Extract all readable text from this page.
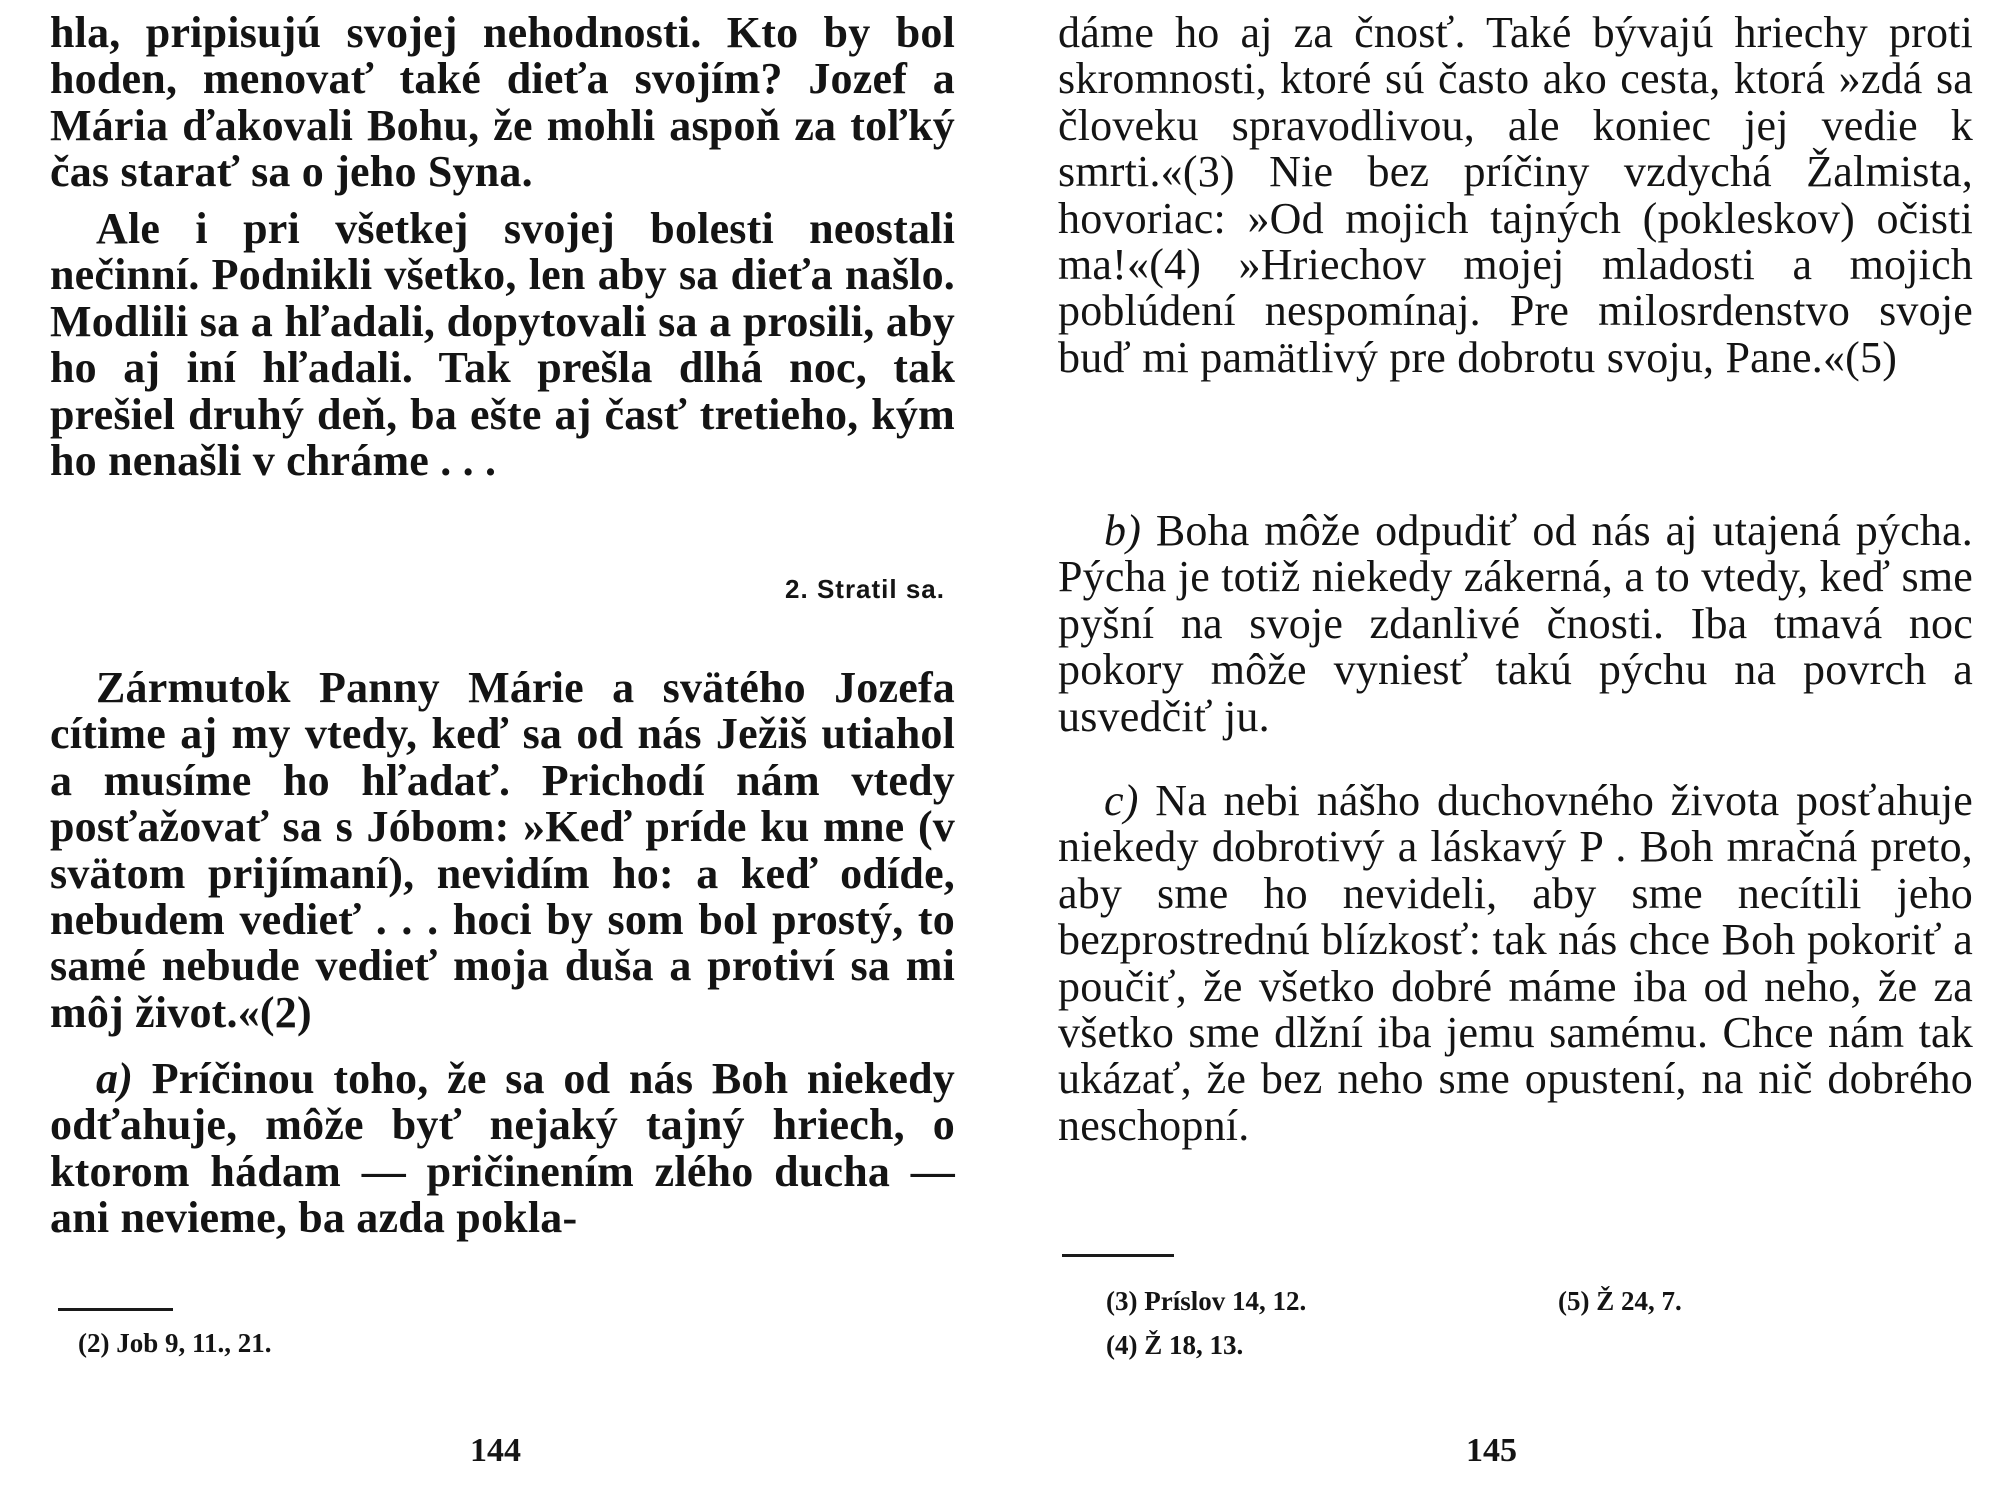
hla, pripisujú svojej nehodnosti. Kto by bol hoden, menovať také dieťa svojím? Jozef a Mária ďakovali Bohu, že mohli aspoň za toľký čas starať sa o jeho Syna.

Ale i pri všetkej svojej bolesti neostali nečinní. Podnikli všetko, len aby sa dieťa našlo. Modlili sa a hľadali, dopytovali sa a prosili, aby ho aj iní hľadali. Tak prešla dlhá noc, tak prešiel druhý deň, ba ešte aj časť tretieho, kým ho nenašli v chráme . . .

2. Stratil sa.

Zármutok Panny Márie a svätého Jozefa cítime aj my vtedy, keď sa od nás Ježiš utiahol a musíme ho hľadať. Prichodí nám vtedy posťažovať sa s Jóbom: »Keď príde ku mne (v svätom prijímaní), nevidím ho: a keď odíde, nebudem vedieť . . . hoci by som bol prostý, to samé nebude vedieť moja duša a protiví sa mi môj život.«(2)

a) Príčinou toho, že sa od nás Boh niekedy odťahuje, môže byť nejaký tajný hriech, o ktorom hádam — pričinením zlého ducha — ani nevieme, ba azda pokla-

(2) Job 9, 11., 21.
144

dáme ho aj za čnosť. Také bývajú hriechy proti skromnosti, ktoré sú často ako cesta, ktorá »zdá sa človeku spravodlivou, ale koniec jej vedie k smrti.«(3) Nie bez príčiny vzdychá Žalmista, hovoriac: »Od mojich tajných (pokleskov) očisti ma!«(4) »Hriechov mojej mladosti a mojich poblúdení nespomínaj. Pre milosrdenstvo svoje buď mi pamätlivý pre dobrotu svoju, Pane.«(5)

b) Boha môže odpudiť od nás aj utajená pýcha. Pýcha je totiž niekedy zákerná, a to vtedy, keď sme pyšní na svoje zdanlivé čnosti. Iba tmavá noc pokory môže vyniesť takú pýchu na povrch a usvedčiť ju.

c) Na nebi nášho duchovného života posťahuje niekedy dobrotivý a láskavý P . Boh mračná preto, aby sme ho nevideli, aby sme necítili jeho bezprostrednú blízkosť: tak nás chce Boh pokoriť a poučiť, že všetko dobré máme iba od neho, že za všetko sme dlžní iba jemu samému. Chce nám tak ukázať, že bez neho sme opustení, na nič dobrého neschopní.

(3) Príslov 14, 12.
(4) Ž 18, 13.
(5) Ž 24, 7.
145
